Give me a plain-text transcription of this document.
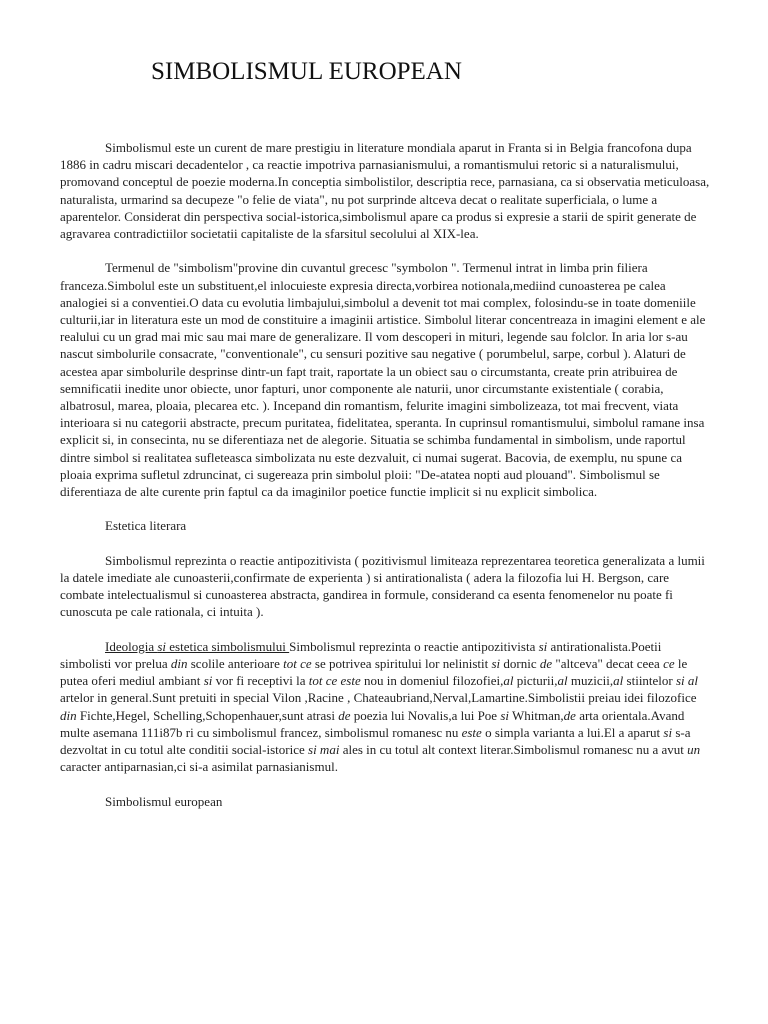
SIMBOLISMUL EUROPEAN

Simbolismul este un curent de mare prestigiu in literature mondiala aparut in Franta si in Belgia francofona dupa 1886 in cadru miscari decadentelor , ca reactie impotriva parnasianismului, a romantismului retoric si a naturalismului, promovand conceptul de poezie moderna.In conceptia simbolistilor, descriptia rece, parnasiana, ca si observatia meticuloasa, naturalista, urmarind sa decupeze "o felie de viata", nu pot surprinde altceva decat o realitate superficiala, o lume a aparentelor. Considerat din perspectiva social-istorica,simbolismul apare ca produs si expresie a starii de spirit generate de agravarea contradictiilor societatii capitaliste de la sfarsitul secolului al XIX-lea.

Termenul de "simbolism"provine din cuvantul grecesc "symbolon ". Termenul intrat in limba prin filiera franceza.Simbolul este un substituent,el inlocuieste expresia directa,vorbirea notionala,mediind cunoasterea pe calea analogiei si a conventiei.O data cu evolutia limbajului,simbolul a devenit tot mai complex, folosindu-se in toate domeniile culturii,iar in literatura este un mod de constituire a imaginii artistice. Simbolul literar concentreaza in imagini element e ale realului cu un grad mai mic sau mai mare de generalizare. Il vom descoperi in mituri, legende sau folclor. In aria lor s-au nascut simbolurile consacrate, "conventionale", cu sensuri pozitive sau negative ( porumbelul, sarpe, corbul ). Alaturi de acestea apar simbolurile desprinse dintr-un fapt trait, raportate la un obiect sau o circumstanta, create prin atribuirea de semnificatii inedite unor obiecte, unor fapturi, unor componente ale naturii, unor circumstante existentiale ( corabia, albatrosul, marea, ploaia, plecarea etc. ). Incepand din romantism, felurite imagini simbolizeaza, tot mai frecvent, viata interioara si nu categorii abstracte, precum puritatea, fidelitatea, speranta. In cuprinsul romantismului, simbolul ramane insa explicit si, in consecinta, nu se diferentiaza net de alegorie. Situatia se schimba fundamental in simbolism, unde raportul dintre simbol si realitatea sufleteasca simbolizata nu este dezvaluit, ci numai sugerat. Bacovia, de exemplu, nu spune ca ploaia exprima sufletul zdruncinat, ci sugereaza prin simbolul ploii: "De-atatea nopti aud plouand". Simbolismul se diferentiaza de alte curente prin faptul ca da imaginilor poetice functie implicit si nu explicit simbolica.

Estetica literara

Simbolismul reprezinta o reactie antipozitivista ( pozitivismul limiteaza reprezentarea teoretica generalizata a lumii la datele imediate ale cunoasterii,confirmate de experienta ) si antirationalista ( adera la filozofia lui H. Bergson, care combate intelectualismul si cunoasterea abstracta, gandirea in formule, considerand ca esenta fenomenelor nu poate fi cunoscuta pe cale rationala, ci intuita ).

Ideologia si estetica simbolismului Simbolismul reprezinta o reactie antipozitivista si antirationalista.Poetii simbolisti vor prelua din scolile anterioare tot ce se potrivea spiritului lor nelinistit si dornic de "altceva" decat ceea ce le putea oferi mediul ambiant si vor fi receptivi la tot ce este nou in domeniul filozofiei,al picturii,al muzicii,al stiintelor si al artelor in general.Sunt pretuiti in special Vilon ,Racine , Chateaubriand,Nerval,Lamartine.Simbolistii preiau idei filozofice din Fichte,Hegel, Schelling,Schopenhauer,sunt atrasi de poezia lui Novalis,a lui Poe si Whitman,de arta orientala.Avand multe asemana 111i87b ri cu simbolismul francez, simbolismul romanesc nu este o simpla varianta a lui.El a aparut si s-a dezvoltat in cu totul alte conditii social-istorice si mai ales in cu totul alt context literar.Simbolismul romanesc nu a avut un caracter antiparnasian,ci si-a asimilat parnasianismul.

Simbolismul european
